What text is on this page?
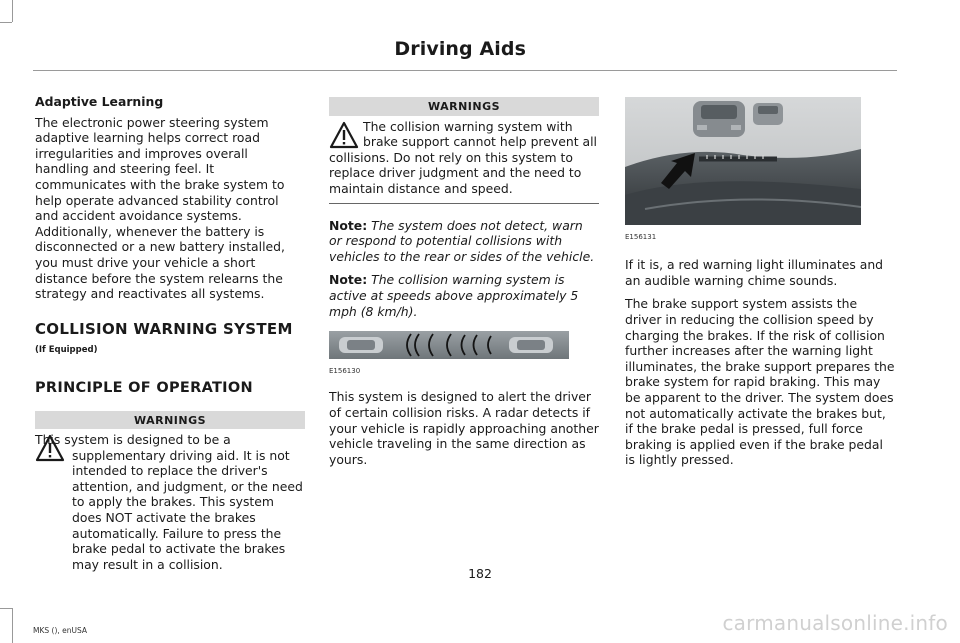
Driving Aids
Adaptive Learning

The electronic power steering system adaptive learning helps correct road irregularities and improves overall handling and steering feel. It communicates with the brake system to help operate advanced stability control and accident avoidance systems. Additionally, whenever the battery is disconnected or a new battery installed, you must drive your vehicle a short distance before the system relearns the strategy and reactivates all systems.

COLLISION WARNING SYSTEM
(If Equipped)
PRINCIPLE OF OPERATION
WARNINGS

This system is designed to be a supplementary driving aid. It is not intended to replace the driver's attention, and judgment, or the need to apply the brakes. This system does NOT activate the brakes automatically. Failure to press the brake pedal to activate the brakes may result in a collision.

WARNINGS

The collision warning system with brake support cannot help prevent all collisions. Do not rely on this system to replace driver judgment and the need to maintain distance and speed.

Note: The system does not detect, warn or respond to potential collisions with vehicles to the rear or sides of the vehicle.
Note: The collision warning system is active at speeds above approximately 5 mph (8 km/h).
E156130

This system is designed to alert the driver of certain collision risks. A radar detects if your vehicle is rapidly approaching another vehicle traveling in the same direction as yours.

E156131

If it is, a red warning light illuminates and an audible warning chime sounds.

The brake support system assists the driver in reducing the collision speed by charging the brakes. If the risk of collision further increases after the warning light illuminates, the brake support prepares the brake system for rapid braking. This may be apparent to the driver. The system does not automatically activate the brakes but, if the brake pedal is pressed, full force braking is applied even if the brake pedal is lightly pressed.

182
MKS (), enUSA	carmanualsonline.info
